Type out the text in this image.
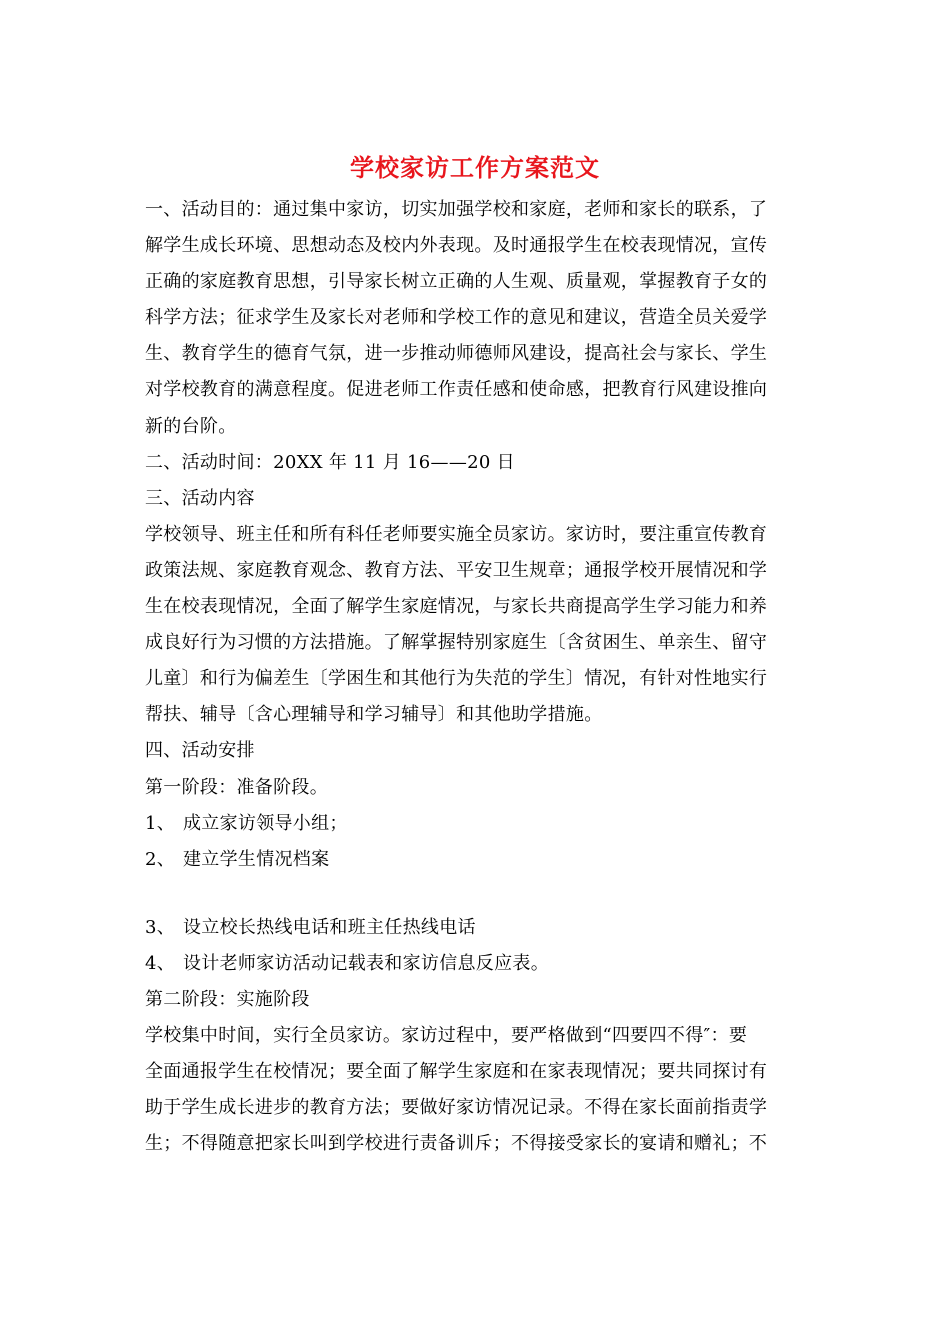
学校家访工作方案范文
一、活动目的：通过集中家访，切实加强学校和家庭，老师和家长的联系，了
解学生成长环境、思想动态及校内外表现。及时通报学生在校表现情况，宣传
正确的家庭教育思想，引导家长树立正确的人生观、质量观，掌握教育子女的
科学方法；征求学生及家长对老师和学校工作的意见和建议，营造全员关爱学
生、教育学生的德育气氛，进一步推动师德师风建设，提高社会与家长、学生
对学校教育的满意程度。促进老师工作责任感和使命感，把教育行风建设推向
新的台阶。
二、活动时间：20XX 年 11 月 16——20 日
三、活动内容
学校领导、班主任和所有科任老师要实施全员家访。家访时，要注重宣传教育
政策法规、家庭教育观念、教育方法、平安卫生规章；通报学校开展情况和学
生在校表现情况，全面了解学生家庭情况，与家长共商提高学生学习能力和养
成良好行为习惯的方法措施。了解掌握特别家庭生〔含贫困生、单亲生、留守
儿童〕和行为偏差生〔学困生和其他行为失范的学生〕情况，有针对性地实行
帮扶、辅导〔含心理辅导和学习辅导〕和其他助学措施。
四、活动安排
第一阶段：准备阶段。
1、 成立家访领导小组；
2、 建立学生情况档案
3、 设立校长热线电话和班主任热线电话
4、 设计老师家访活动记载表和家访信息反应表。
第二阶段：实施阶段
学校集中时间，实行全员家访。家访过程中，要严格做到“四要四不得″：要
全面通报学生在校情况；要全面了解学生家庭和在家表现情况；要共同探讨有
助于学生成长进步的教育方法；要做好家访情况记录。不得在家长面前指责学
生；不得随意把家长叫到学校进行责备训斥；不得接受家长的宴请和赠礼；不
